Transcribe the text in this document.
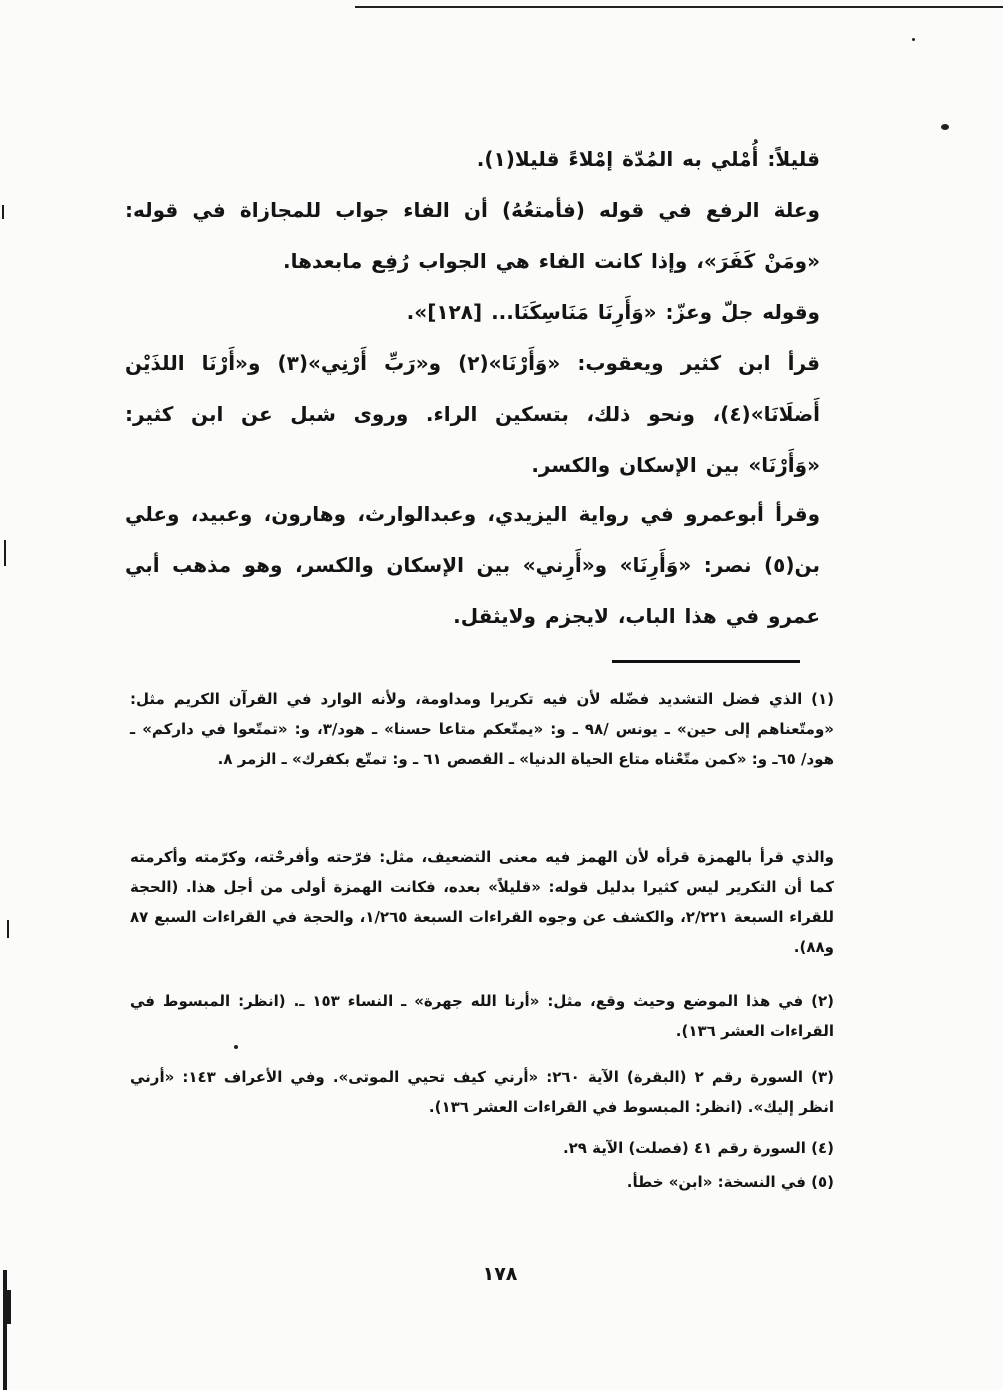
قليلاً: أُمْلي به المُدّة إمْلاءً قليلا(١).

وعلة الرفع في قوله (فأمتعُهُ) أن الفاء جواب للمجازاة في قوله: «ومَنْ كَفَرَ»، وإذا كانت الفاء هي الجواب رُفِع مابعدها.

وقوله جلّ وعزّ: «وَأَرِنَا مَنَاسِكَنَا... [١٢٨]».

قرأ ابن كثير ويعقوب: «وَأَرْنَا»(٢) و«رَبِّ أَرْنِي»(٣) و«أَرْنَا اللذَيْن أَضلَانَا»(٤)، ونحو ذلك، بتسكين الراء. وروى شبل عن ابن كثير: «وَأَرْنَا» بين الإسكان والكسر.

وقرأ أبوعمرو في رواية اليزيدي، وعبدالوارث، وهارون، وعبيد، وعلي بن(٥) نصر: «وَأَرِنَا» و«أَرِني» بين الإسكان والكسر، وهو مذهب أبي عمرو في هذا الباب، لايجزم ولايثقل.

(١) الذي فضل التشديد فضّله لأن فيه تكريرا ومداومة، ولأنه الوارد في القرآن الكريم مثل: «ومتّعناهم إلى حين» ـ يونس /٩٨ ـ و: «يمتّعكم متاعا حسنا» ـ هود/٣، و: «تمتّعوا في داركم» ـ هود/ ٦٥ـ و: «كمن متّعْناه متاع الحياة الدنيا» ـ القصص ٦١ ـ و: تمتّع بكفرك» ـ الزمر ٨.

والذي قرأ بالهمزة قرأه لأن الهمز فيه معنى التضعيف، مثل: فرّحته وأفرحْته، وكرّمته وأكرمته كما أن التكرير ليس كثيرا بدليل قوله: «قليلاً» بعده، فكانت الهمزة أولى من أجل هذا. (الحجة للقراء السبعة ٢/٢٢١، والكشف عن وجوه القراءات السبعة ١/٢٦٥، والحجة في القراءات السبع ٨٧ و٨٨).

(٢) في هذا الموضع وحيث وقع، مثل: «أرنا الله جهرة» ـ النساء ١٥٣ ـ. (انظر: المبسوط في القراءات العشر ١٣٦).

(٣) السورة رقم ٢ (البقرة) الآية ٢٦٠: «أرني كيف تحيي الموتى». وفي الأعراف ١٤٣: «أرني انظر إليك». (انظر: المبسوط في القراءات العشر ١٣٦).

(٤) السورة رقم ٤١ (فصلت) الآية ٢٩.

(٥) في النسخة: «ابن» خطأ.

١٧٨
